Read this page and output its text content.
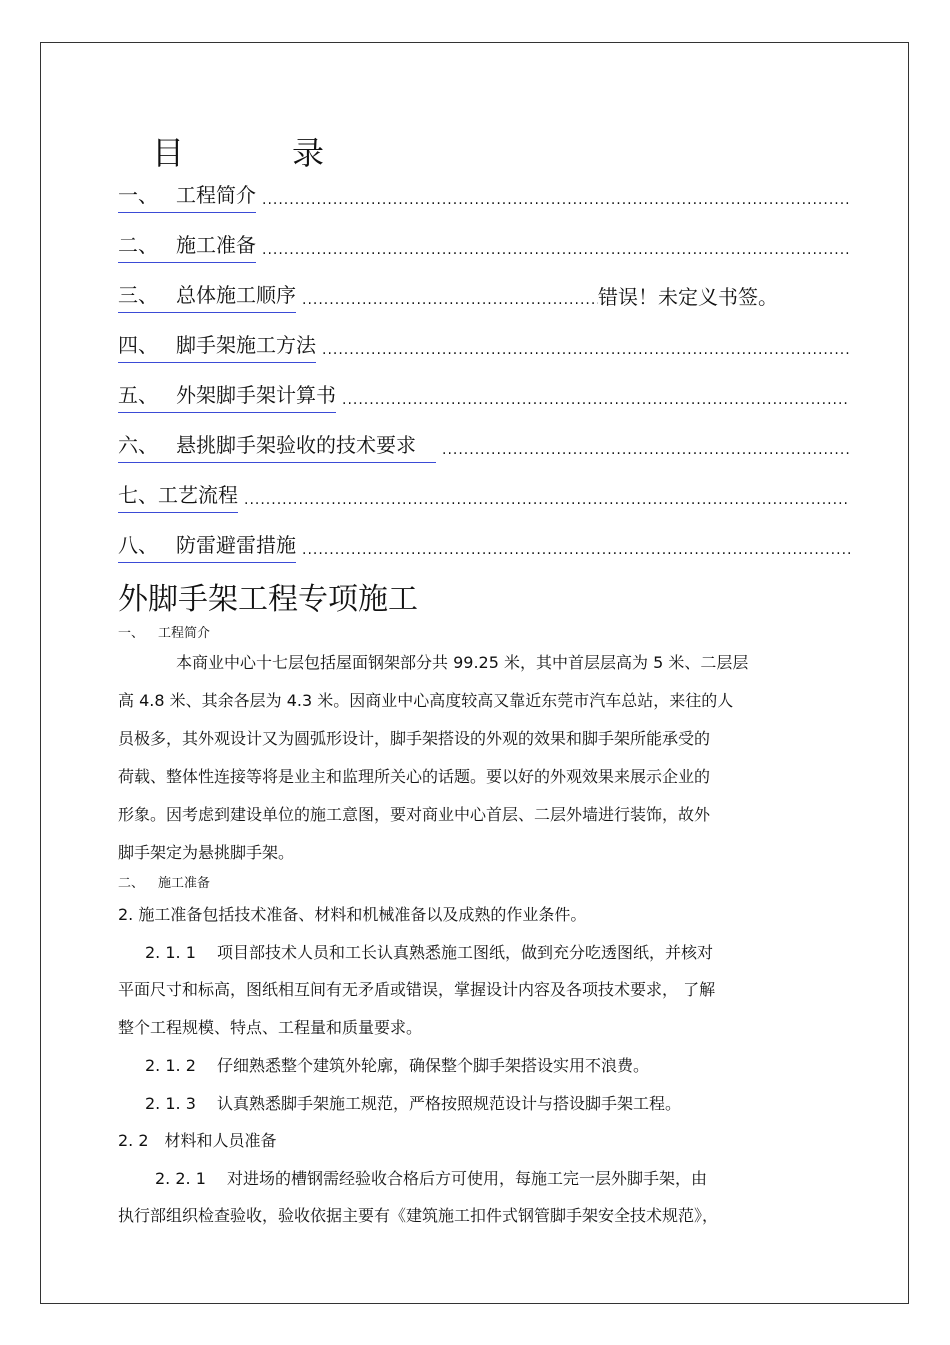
目	录
一、 工程简介
.....
二、 施工准备
.....
三、 总体施工顺序
.....	错误！未定义书签。
四、 脚手架施工方法
.....
五、 外架脚手架计算书
.....
六、 悬挑脚手架验收的技术要求 
.....
七、工艺流程
.....
八、 防雷避雷措施
.....
外脚手架工程专项施工
一、 工程简介
本商业中心十七层包括屋面钢架部分共 99.25 米，其中首层层高为 5 米、二层层
高 4.8 米、其余各层为 4.3 米。因商业中心高度较高又靠近东莞市汽车总站，来往的人
员极多，其外观设计又为圆弧形设计，脚手架搭设的外观的效果和脚手架所能承受的
荷载、整体性连接等将是业主和监理所关心的话题。要以好的外观效果来展示企业的
形象。因考虑到建设单位的施工意图，要对商业中心首层、二层外墙进行装饰，故外
脚手架定为悬挑脚手架。
二、 施工准备
2. 施工准备包括技术准备、材料和机械准备以及成熟的作业条件。
2. 1. 1　 项目部技术人员和工长认真熟悉施工图纸，做到充分吃透图纸，并核对
平面尺寸和标高，图纸相互间有无矛盾或错误，掌握设计内容及各项技术要求， 了解
整个工程规模、特点、工程量和质量要求。
2. 1. 2　 仔细熟悉整个建筑外轮廓，确保整个脚手架搭设实用不浪费。
2. 1. 3　 认真熟悉脚手架施工规范，严格按照规范设计与搭设脚手架工程。
2. 2　材料和人员准备
2. 2. 1　 对进场的槽钢需经验收合格后方可使用，每施工完一层外脚手架，由
执行部组织检查验收，验收依据主要有《建筑施工扣件式钢管脚手架安全技术规范》，
